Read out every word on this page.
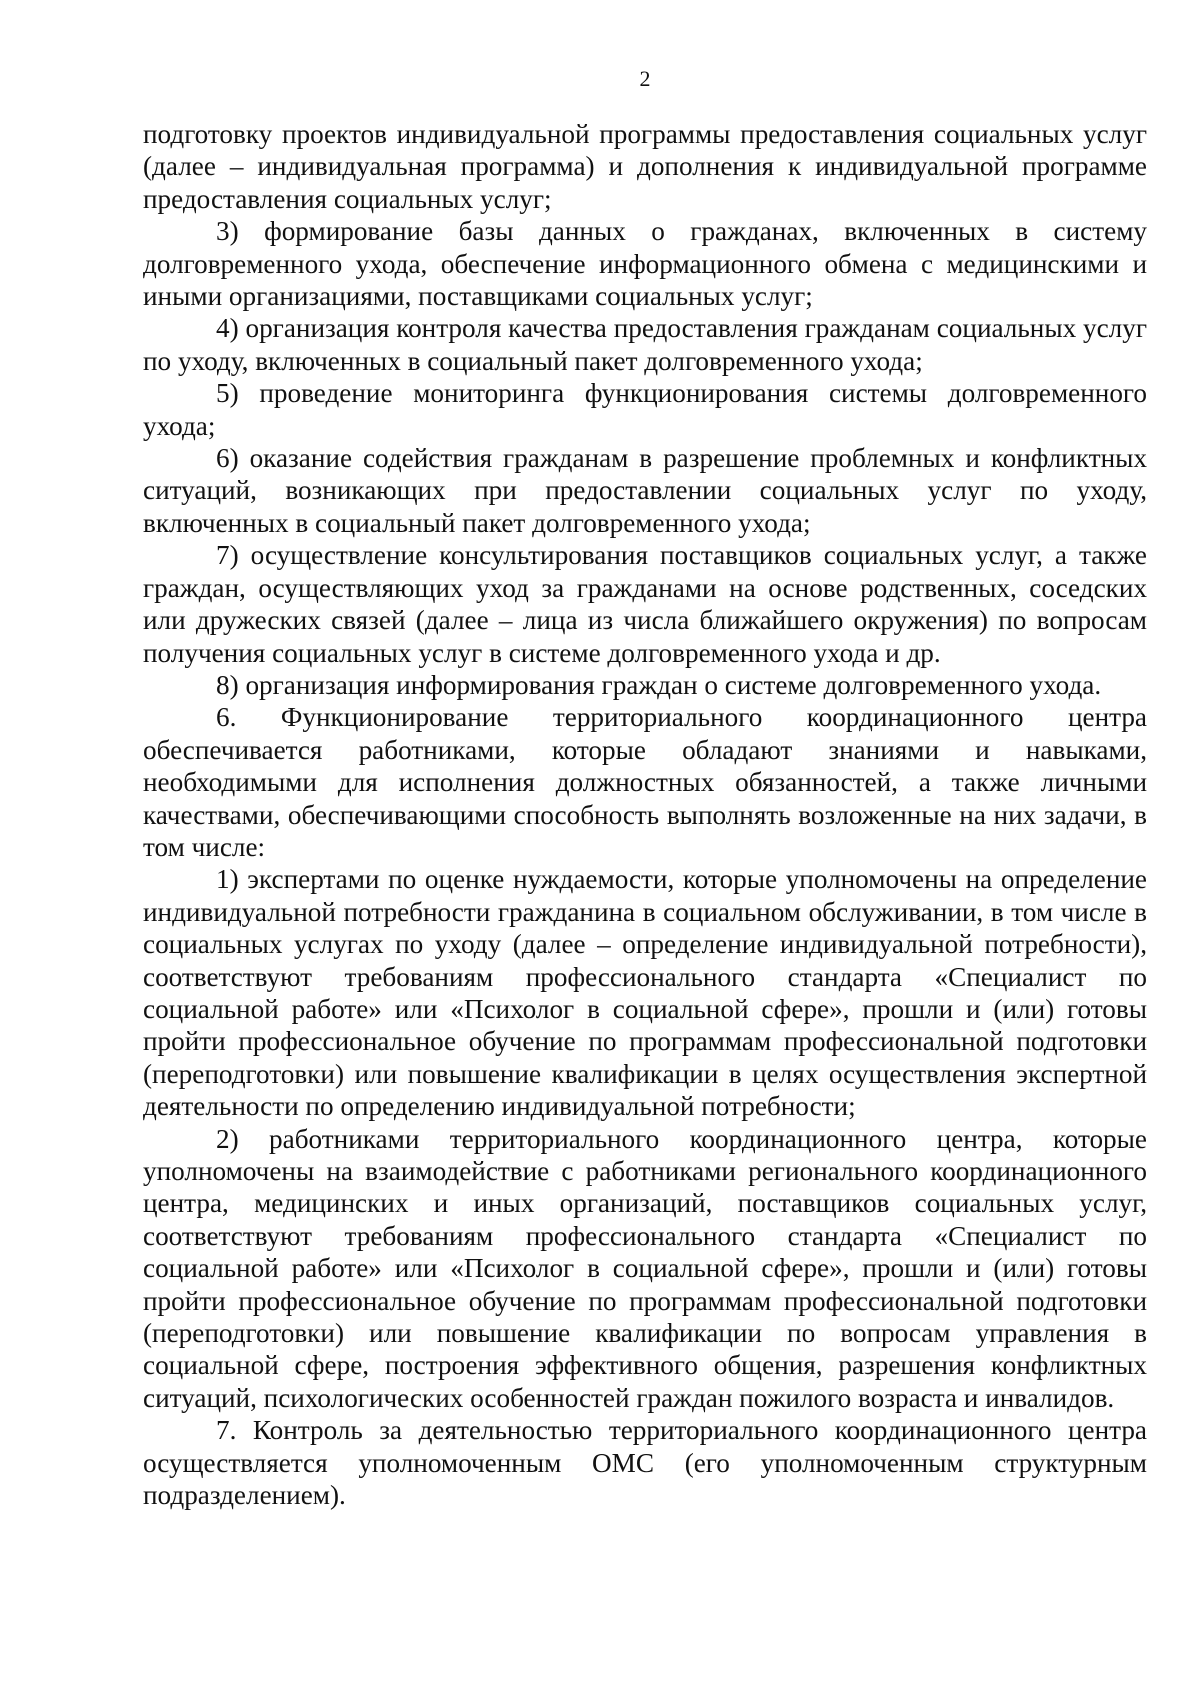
2

подготовку проектов индивидуальной программы предоставления социальных услуг (далее – индивидуальная программа) и дополнения к индивидуальной программе предоставления социальных услуг;

3) формирование базы данных о гражданах, включенных в систему долговременного ухода, обеспечение информационного обмена с медицинскими и иными организациями, поставщиками социальных услуг;

4) организация контроля качества предоставления гражданам социальных услуг по уходу, включенных в социальный пакет долговременного ухода;

5) проведение мониторинга функционирования системы долговременного ухода;

6) оказание содействия гражданам в разрешение проблемных и конфликтных ситуаций, возникающих при предоставлении социальных услуг по уходу, включенных в социальный пакет долговременного ухода;

7) осуществление консультирования поставщиков социальных услуг, а также граждан, осуществляющих уход за гражданами на основе родственных, соседских или дружеских связей (далее – лица из числа ближайшего окружения) по вопросам получения социальных услуг в системе долговременного ухода и др.

8) организация информирования граждан о системе долговременного ухода.

6. Функционирование территориального координационного центра обеспечивается работниками, которые обладают знаниями и навыками, необходимыми для исполнения должностных обязанностей, а также личными качествами, обеспечивающими способность выполнять возложенные на них задачи, в том числе:

1) экспертами по оценке нуждаемости, которые уполномочены на определение индивидуальной потребности гражданина в социальном обслуживании, в том числе в социальных услугах по уходу (далее – определение индивидуальной потребности), соответствуют требованиям профессионального стандарта «Специалист по социальной работе» или «Психолог в социальной сфере», прошли и (или) готовы пройти профессиональное обучение по программам профессиональной подготовки (переподготовки) или повышение квалификации в целях осуществления экспертной деятельности по определению индивидуальной потребности;

2) работниками территориального координационного центра, которые уполномочены на взаимодействие с работниками регионального координационного центра, медицинских и иных организаций, поставщиков социальных услуг, соответствуют требованиям профессионального стандарта «Специалист по социальной работе» или «Психолог в социальной сфере», прошли и (или) готовы пройти профессиональное обучение по программам профессиональной подготовки (переподготовки) или повышение квалификации по вопросам управления в социальной сфере, построения эффективного общения, разрешения конфликтных ситуаций, психологических особенностей граждан пожилого возраста и инвалидов.

7. Контроль за деятельностью территориального координационного центра осуществляется уполномоченным ОМС (его уполномоченным структурным подразделением).
